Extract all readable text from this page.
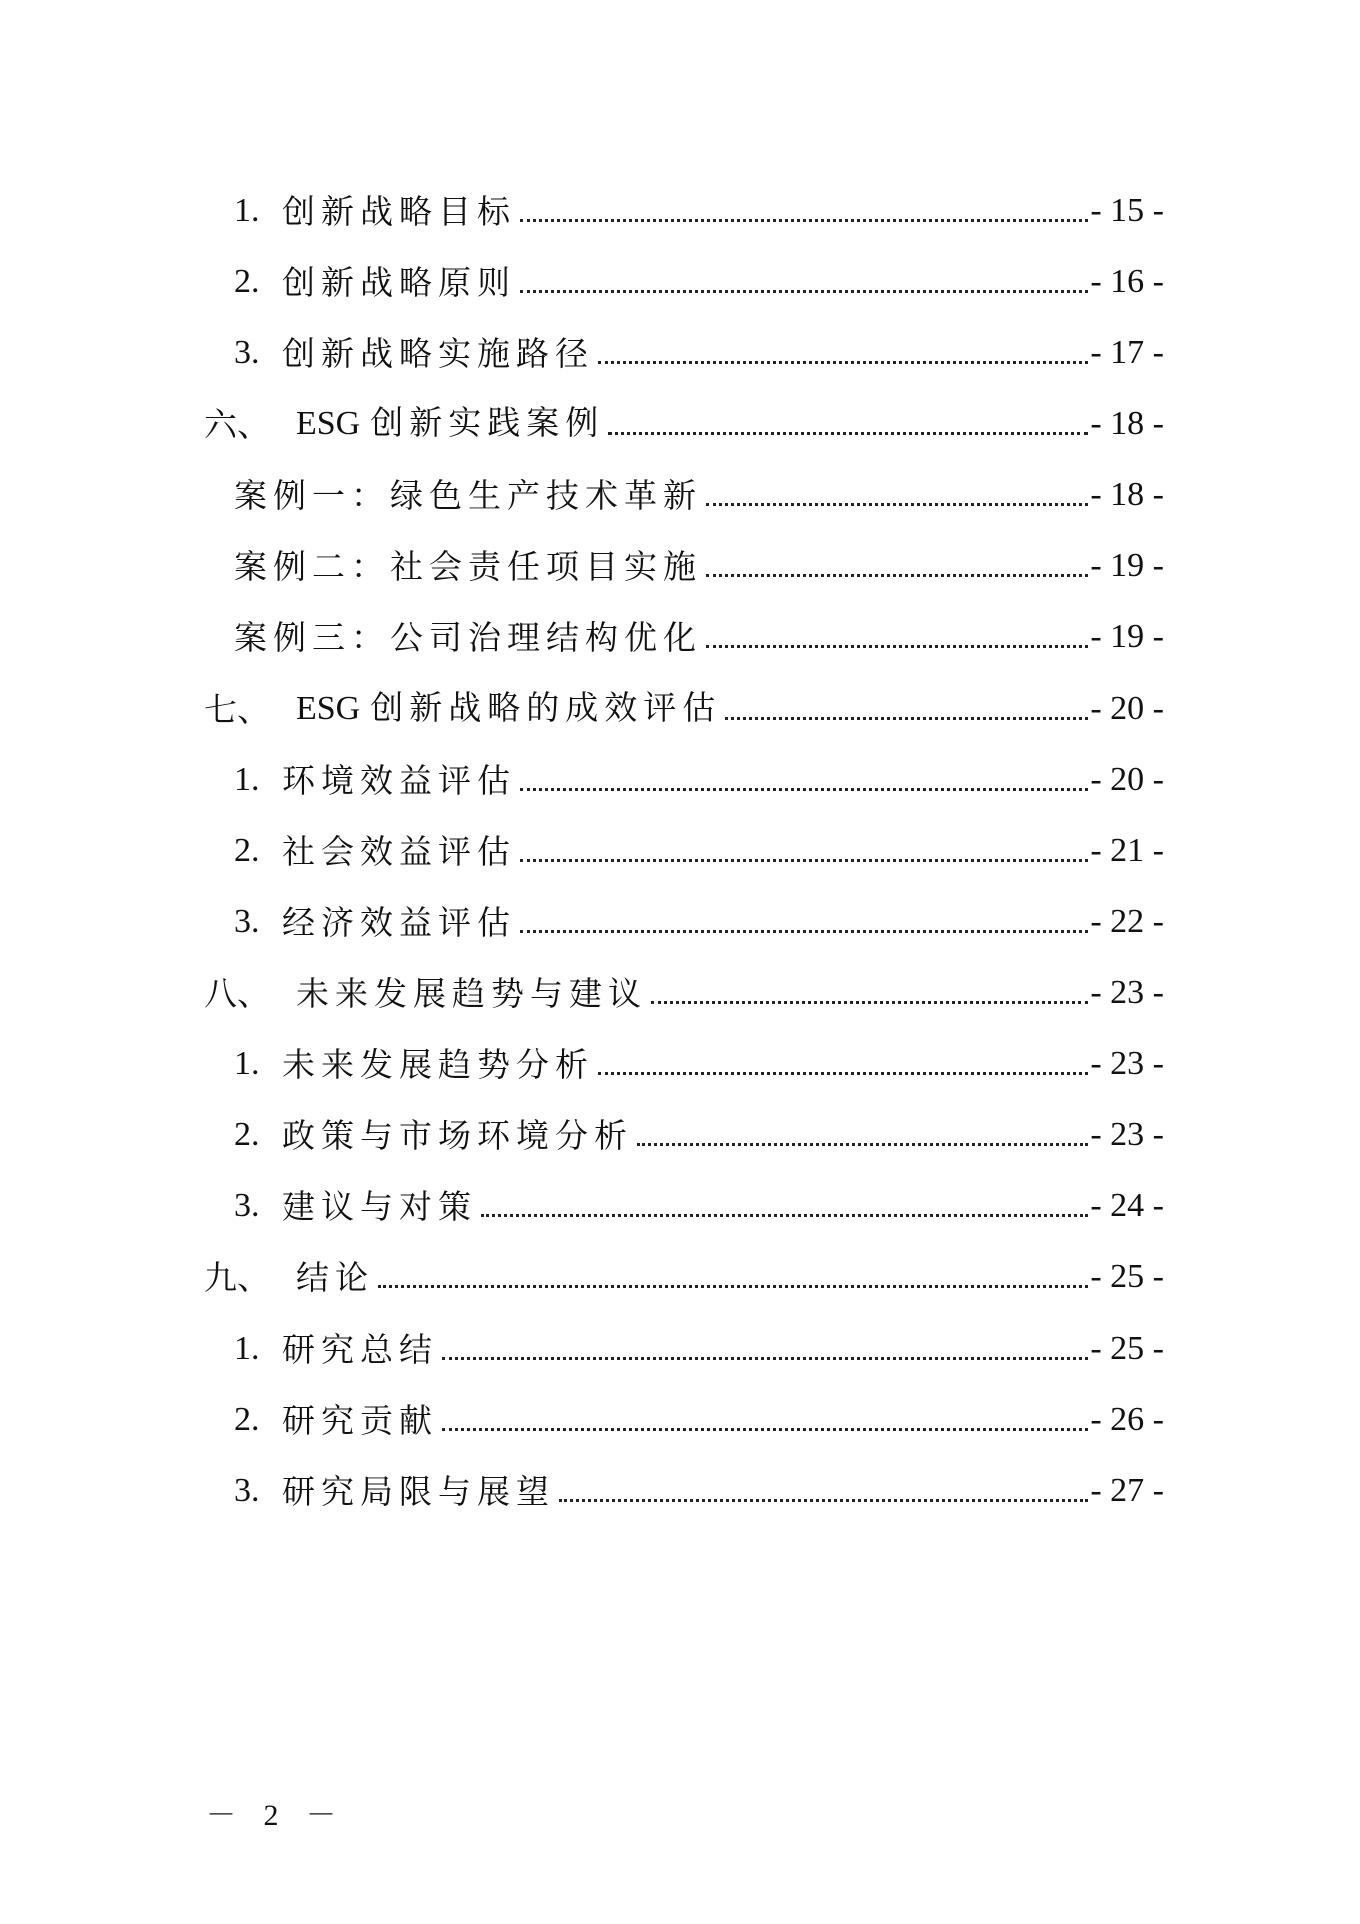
1. 创新战略目标	- 15 -
2. 创新战略原则	- 16 -
3. 创新战略实施路径	- 17 -
六、 ESG 创新实践案例	- 18 -
案例一：绿色生产技术革新	- 18 -
案例二：社会责任项目实施	- 19 -
案例三：公司治理结构优化	- 19 -
七、 ESG 创新战略的成效评估	- 20 -
1. 环境效益评估	- 20 -
2. 社会效益评估	- 21 -
3. 经济效益评估	- 22 -
八、 未来发展趋势与建议	- 23 -
1. 未来发展趋势分析	- 23 -
2. 政策与市场环境分析	- 23 -
3. 建议与对策	- 24 -
九、 结论	- 25 -
1. 研究总结	- 25 -
2. 研究贡献	- 26 -
3. 研究局限与展望	- 27 -
－ 2 －
